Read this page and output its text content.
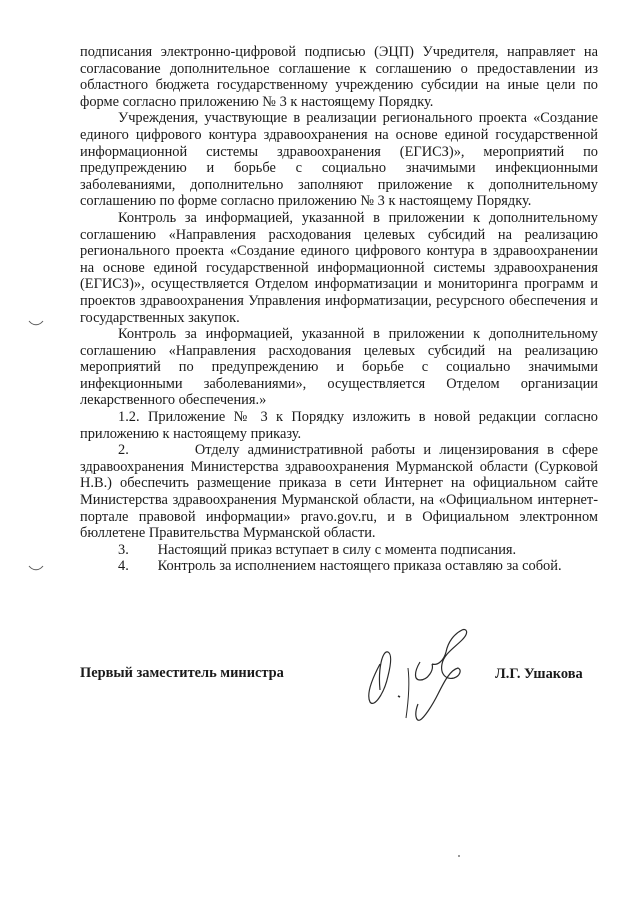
подписания электронно-цифровой подписью (ЭЦП) Учредителя, направляет на согласование дополнительное соглашение к соглашению о предоставлении из областного бюджета государственному учреждению субсидии на иные цели по форме согласно приложению № 3 к настоящему Порядку.

Учреждения, участвующие в реализации регионального проекта «Создание единого цифрового контура здравоохранения на основе единой государственной информационной системы здравоохранения (ЕГИСЗ)», мероприятий по предупреждению и борьбе с социально значимыми инфекционными заболеваниями, дополнительно заполняют приложение к дополнительному соглашению по форме согласно приложению № 3 к настоящему Порядку.

Контроль за информацией, указанной в приложении к дополнительному соглашению «Направления расходования целевых субсидий на реализацию регионального проекта «Создание единого цифрового контура в здравоохранении на основе единой государственной информационной системы здравоохранения (ЕГИСЗ)», осуществляется Отделом информатизации и мониторинга программ и проектов здравоохранения Управления информатизации, ресурсного обеспечения и государственных закупок.

Контроль за информацией, указанной в приложении к дополнительному соглашению «Направления расходования целевых субсидий на реализацию мероприятий по предупреждению и борьбе с социально значимыми инфекционными заболеваниями», осуществляется Отделом организации лекарственного обеспечения.»

1.2. Приложение № 3 к Порядку изложить в новой редакции согласно приложению к настоящему приказу.

2.	Отделу административной работы и лицензирования в сфере здравоохранения Министерства здравоохранения Мурманской области (Сурковой Н.В.) обеспечить размещение приказа в сети Интернет на официальном сайте Министерства здравоохранения Мурманской области, на «Официальном интернет-портале правовой информации» pravo.gov.ru, и в Официальном электронном бюллетене Правительства Мурманской области.

3. Настоящий приказ вступает в силу с момента подписания.

4. Контроль за исполнением настоящего приказа оставляю за собой.

Первый заместитель министра	Л.Г. Ушакова
